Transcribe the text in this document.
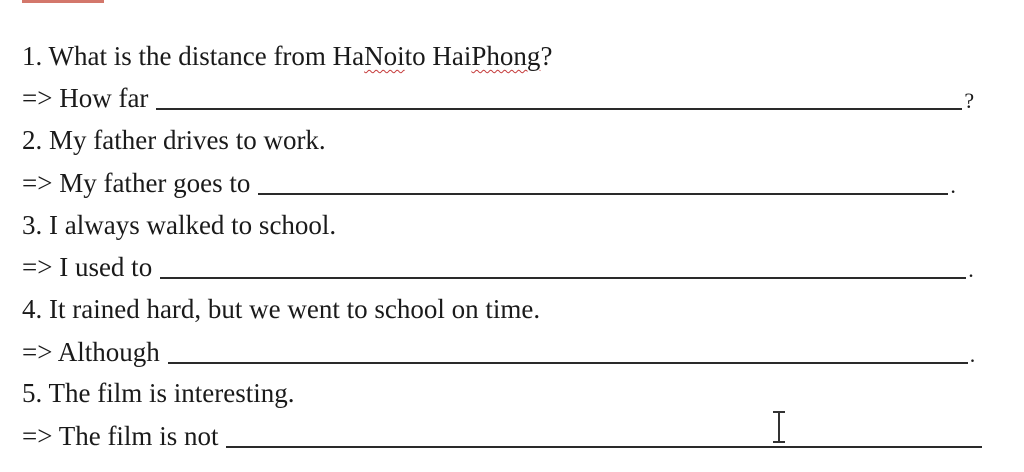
1. What is the distance from Ha Noi to Hai Phong ?
=> How far	?
2. My father drives to work.
=> My father goes to	.
3. I always walked to school.
=> I used to	.
4. It rained hard, but we went to school on time.
=> Although	.
5. The film is interesting.
=> The film is not
